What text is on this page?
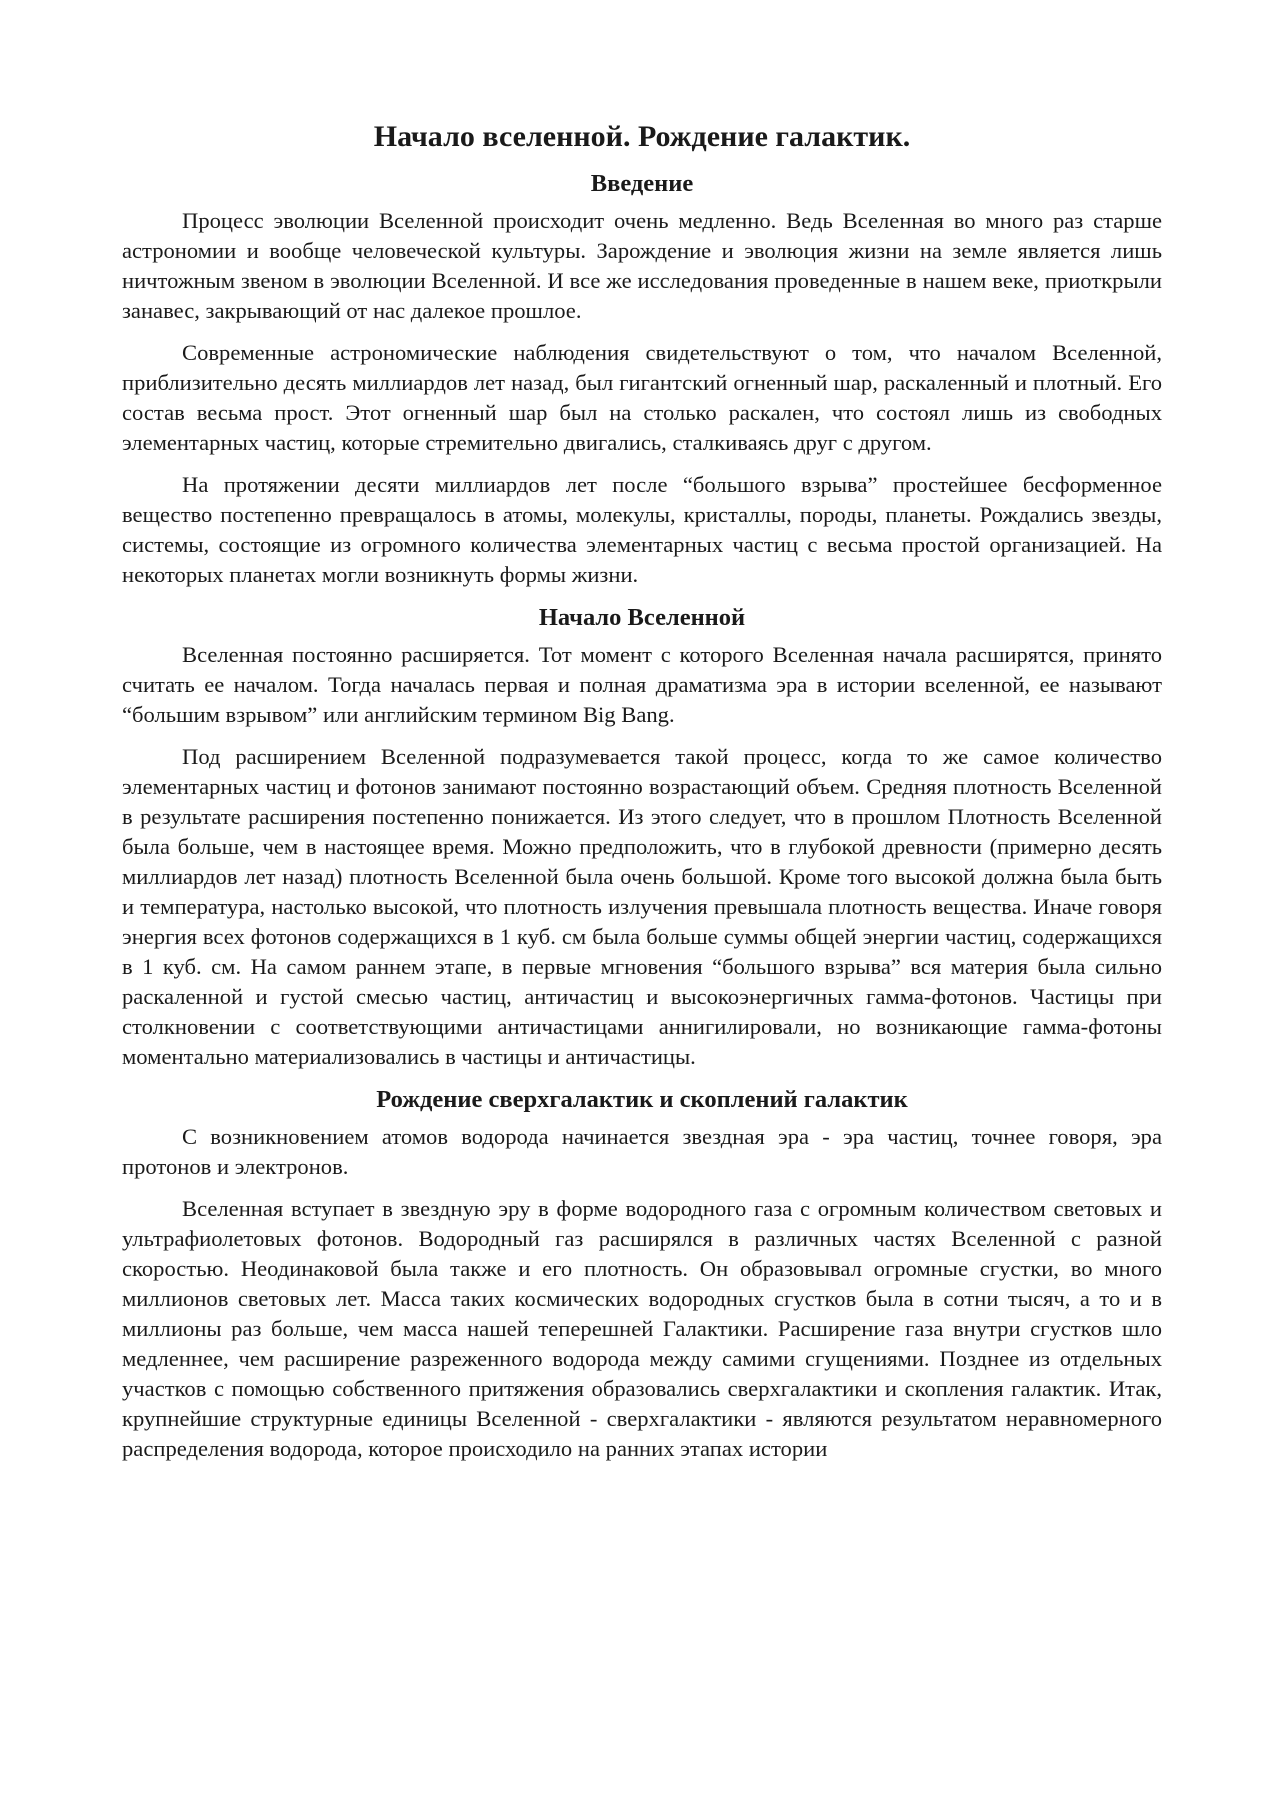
Начало вселенной. Рождение галактик.
Введение

Процесс эволюции Вселенной происходит очень медленно. Ведь Вселенная во много раз старше астрономии и вообще человеческой культуры. Зарождение и эволюция жизни на земле является лишь ничтожным звеном в эволюции Вселенной. И все же исследования проведенные в нашем веке, приоткрыли занавес, закрывающий от нас далекое прошлое.

Современные астрономические наблюдения свидетельствуют о том, что началом Вселенной, приблизительно десять миллиардов лет назад, был гигантский огненный шар, раскаленный и плотный. Его состав весьма прост. Этот огненный шар был на столько раскален, что состоял лишь из свободных элементарных частиц, которые стремительно двигались, сталкиваясь друг с другом.

На протяжении десяти миллиардов лет после “большого взрыва” простейшее бесформенное вещество постепенно превращалось в атомы, молекулы, кристаллы, породы, планеты. Рождались звезды, системы, состоящие из огромного количества элементарных частиц с весьма простой организацией. На некоторых планетах могли возникнуть формы жизни.

Начало Вселенной

Вселенная постоянно расширяется. Тот момент с которого Вселенная начала расширятся, принято считать ее началом. Тогда началась первая и полная драматизма эра в истории вселенной, ее называют “большим взрывом” или английским термином Big Bang.

Под расширением Вселенной подразумевается такой процесс, когда то же самое количество элементарных частиц и фотонов занимают постоянно возрастающий объем. Средняя плотность Вселенной в результате расширения постепенно понижается. Из этого следует, что в прошлом Плотность Вселенной была больше, чем в настоящее время. Можно предположить, что в глубокой древности (примерно десять миллиардов лет назад) плотность Вселенной была очень большой. Кроме того высокой должна была быть и температура, настолько высокой, что плотность излучения превышала плотность вещества. Иначе говоря энергия всех фотонов содержащихся в 1 куб. см была больше суммы общей энергии частиц, содержащихся в 1 куб. см. На самом раннем этапе, в первые мгновения “большого взрыва” вся материя была сильно раскаленной и густой смесью частиц, античастиц и высокоэнергичных гамма-фотонов. Частицы при столкновении с соответствующими античастицами аннигилировали, но возникающие гамма-фотоны моментально материализовались в частицы и античастицы.

Рождение сверхгалактик и скоплений галактик

С возникновением атомов водорода начинается звездная эра - эра частиц, точнее говоря, эра протонов и электронов.

Вселенная вступает в звездную эру в форме водородного газа с огромным количеством световых и ультрафиолетовых фотонов. Водородный газ расширялся в различных частях Вселенной с разной скоростью. Неодинаковой была также и его плотность. Он образовывал огромные сгустки, во много миллионов световых лет. Масса таких космических водородных сгустков была в сотни тысяч, а то и в миллионы раз больше, чем масса нашей теперешней Галактики. Расширение газа внутри сгустков шло медленнее, чем расширение разреженного водорода между самими сгущениями. Позднее из отдельных участков с помощью собственного притяжения образовались сверхгалактики и скопления галактик. Итак, крупнейшие структурные единицы Вселенной - сверхгалактики - являются результатом неравномерного распределения водорода, которое происходило на ранних этапах истории
